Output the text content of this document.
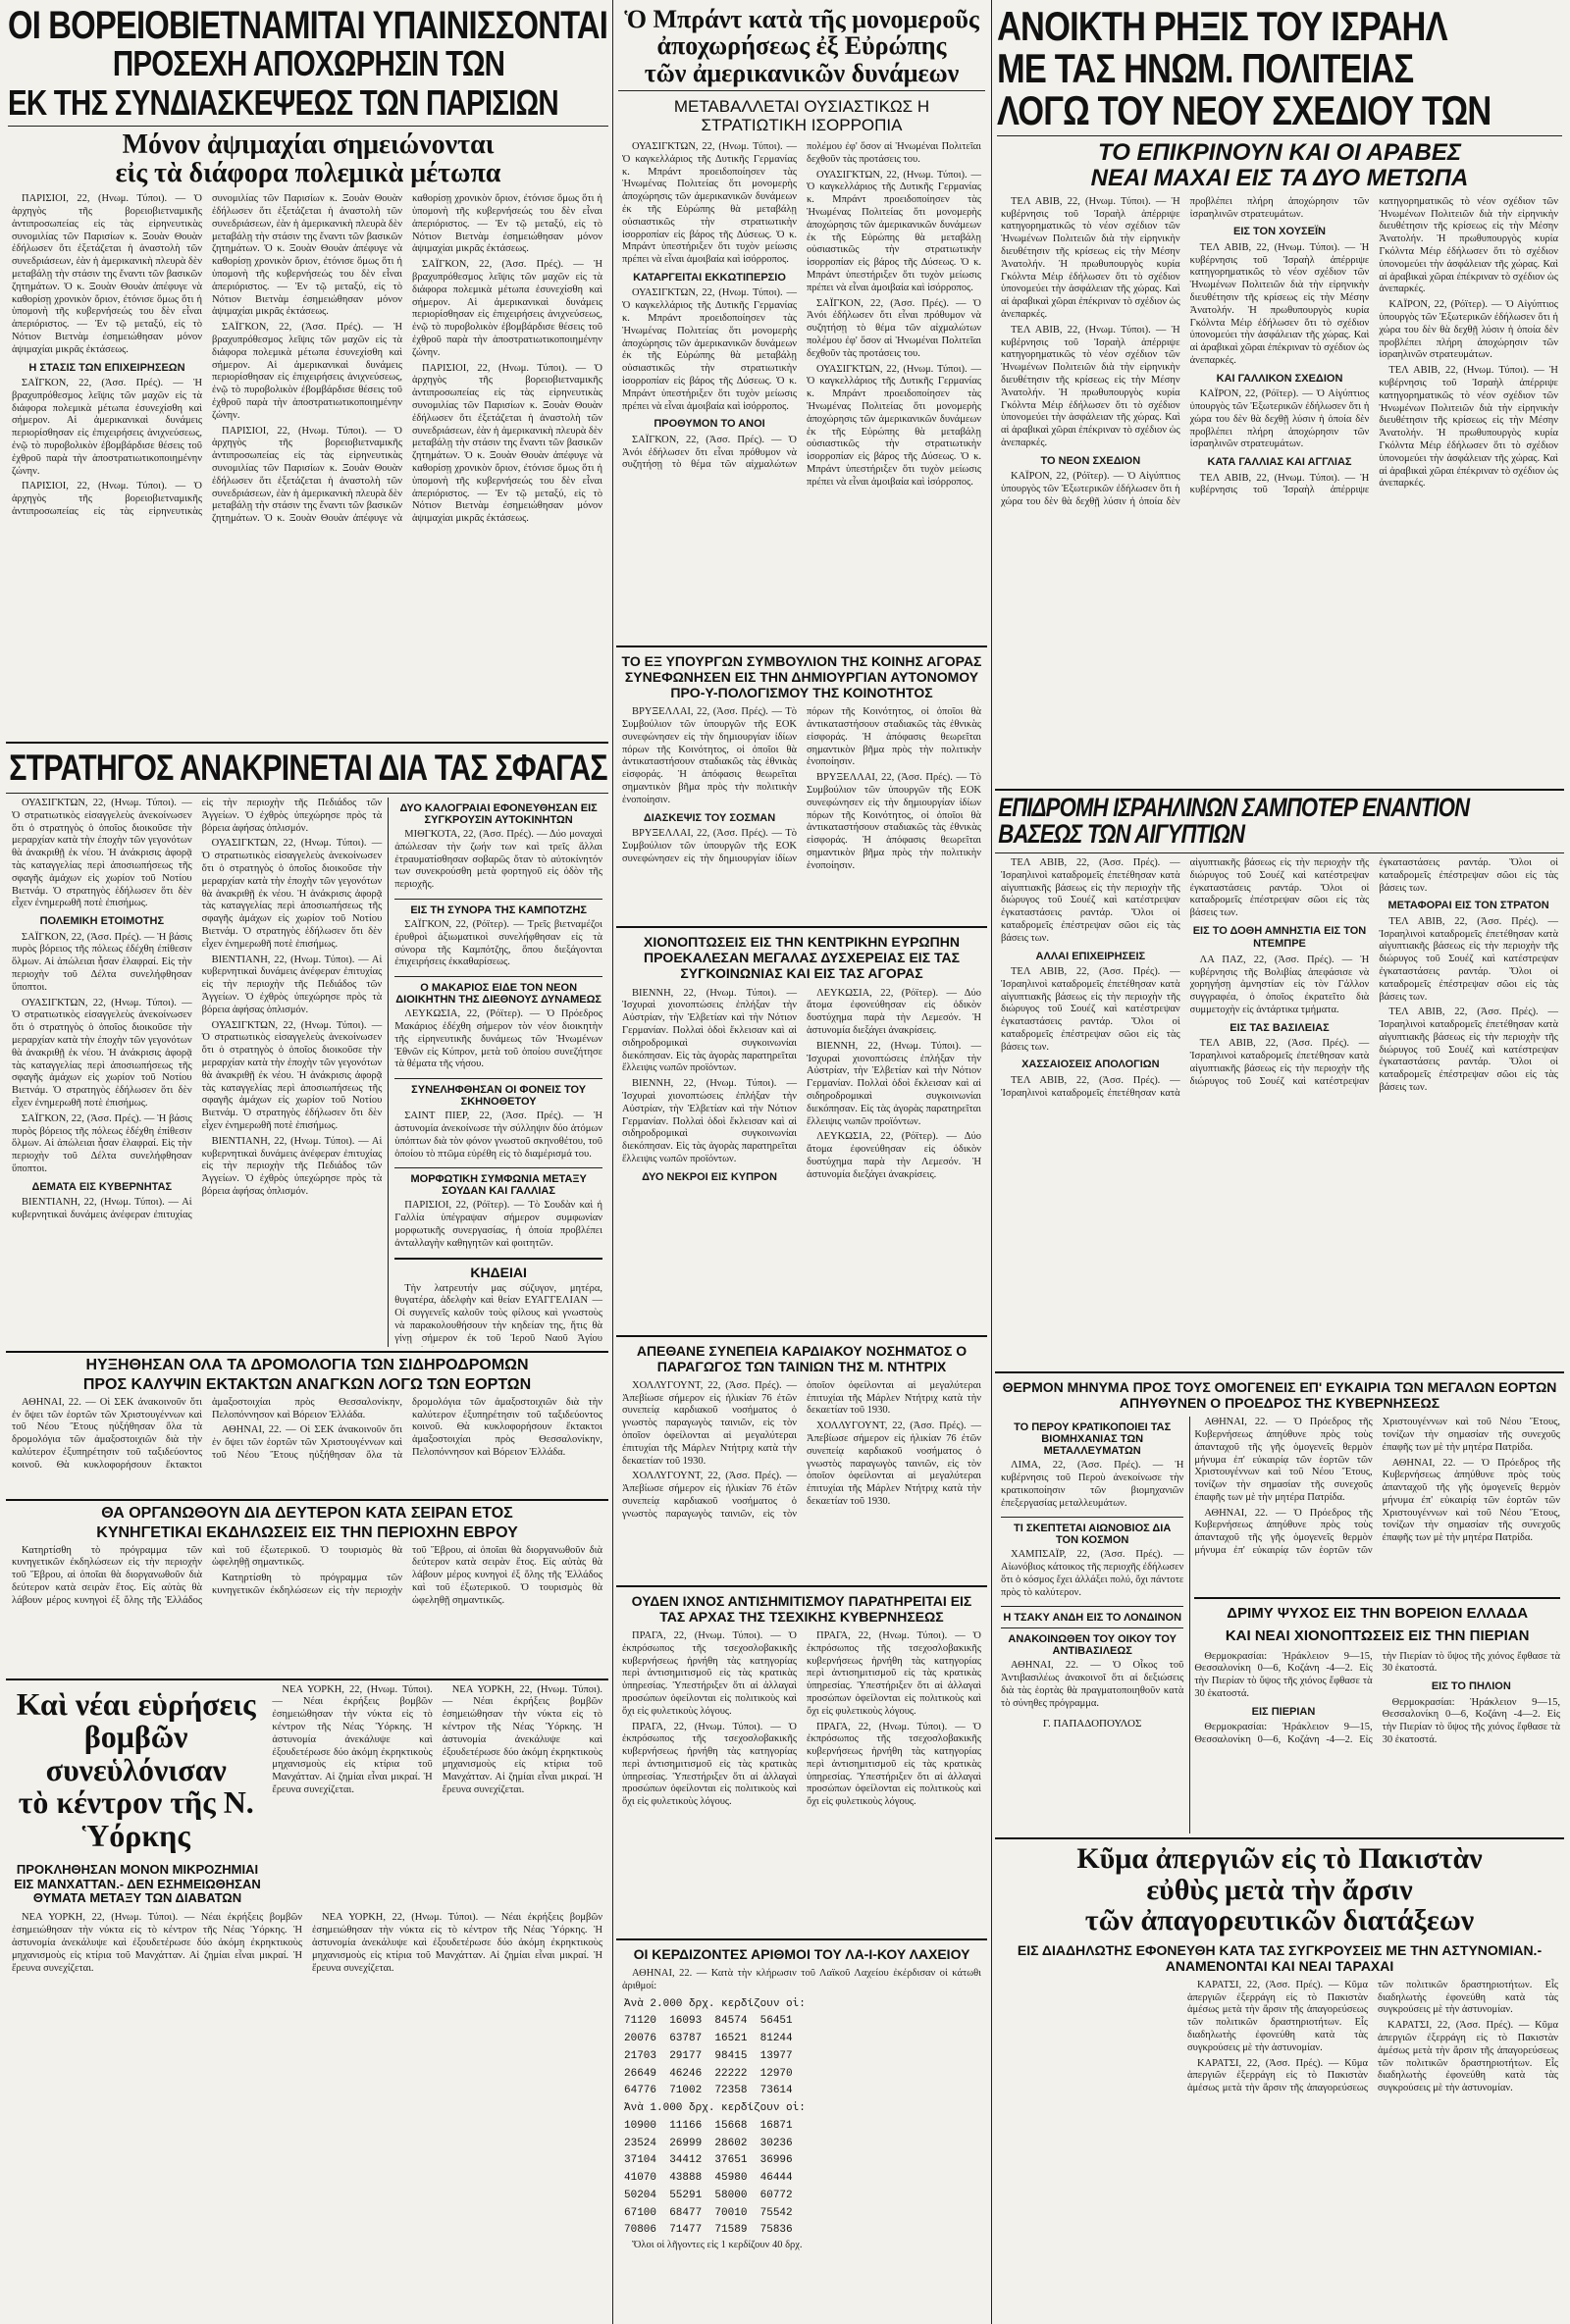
ΟΙ ΒΟΡΕΙΟΒΙΕΤΝΑΜΙΤΑΙ ΥΠΑΙΝΙΣΣΟΝΤΑΙ
ΠΡΟΣΕΧΗ ΑΠΟΧΩΡΗΣΙΝ ΤΩΝ
ΕΚ ΤΗΣ ΣΥΝΔΙΑΣΚΕΨΕΩΣ ΤΩΝ ΠΑΡΙΣΙΩΝ
Μόνον ἀψιμαχίαι σημειώνονται
εἰς τὰ διάφορα πολεμικὰ μέτωπα

ΠΑΡΙΣΙΟΙ, 22, (Ηνωμ. Τύποι). — Ὁ ἀρχηγὸς τῆς βορειοβιετναμικῆς ἀντιπροσωπείας εἰς τὰς εἰρηνευτικὰς συνομιλίας τῶν Παρισίων κ. Ξουὰν Θουὰν ἐδήλωσεν ὅτι ἐξετάζεται ἡ ἀναστολὴ τῶν συνεδριάσεων, ἐὰν ἡ ἀμερικανικὴ πλευρὰ δὲν μεταβάλῃ τὴν στάσιν της ἔναντι τῶν βασικῶν ζητημάτων. Ὁ κ. Ξουὰν Θουὰν ἀπέφυγε νὰ καθορίσῃ χρονικὸν ὅριον, ἐτόνισε ὅμως ὅτι ἡ ὑπομονὴ τῆς κυβερνήσεώς του δὲν εἶναι ἀπεριόριστος. — Ἐν τῷ μεταξύ, εἰς τὸ Νότιον Βιετνὰμ ἐσημειώθησαν μόνον ἀψιμαχίαι μικρᾶς ἐκτάσεως.

Η ΣΤΑΣΙΣ ΤΩΝ ΕΠΙΧΕΙΡΗΣΕΩΝ

ΣΑΪΓΚΟΝ, 22, (Ἀσσ. Πρές). — Ἡ βραχυπρόθεσμος λεῖψις τῶν μαχῶν εἰς τὰ διάφορα πολεμικὰ μέτωπα ἐσυνεχίσθη καὶ σήμερον. Αἱ ἀμερικανικαὶ δυνάμεις περιορίσθησαν εἰς ἐπιχειρήσεις ἀνιχνεύσεως, ἐνῷ τὸ πυροβολικὸν ἐβομβάρδισε θέσεις τοῦ ἐχθροῦ παρὰ τὴν ἀποστρατιωτικοποιημένην ζώνην.

ΠΑΡΙΣΙΟΙ, 22, (Ηνωμ. Τύποι). — Ὁ ἀρχηγὸς τῆς βορειοβιετναμικῆς ἀντιπροσωπείας εἰς τὰς εἰρηνευτικὰς συνομιλίας τῶν Παρισίων κ. Ξουὰν Θουὰν ἐδήλωσεν ὅτι ἐξετάζεται ἡ ἀναστολὴ τῶν συνεδριάσεων, ἐὰν ἡ ἀμερικανικὴ πλευρὰ δὲν μεταβάλῃ τὴν στάσιν της ἔναντι τῶν βασικῶν ζητημάτων. Ὁ κ. Ξουὰν Θουὰν ἀπέφυγε νὰ καθορίσῃ χρονικὸν ὅριον, ἐτόνισε ὅμως ὅτι ἡ ὑπομονὴ τῆς κυβερνήσεώς του δὲν εἶναι ἀπεριόριστος. — Ἐν τῷ μεταξύ, εἰς τὸ Νότιον Βιετνὰμ ἐσημειώθησαν μόνον ἀψιμαχίαι μικρᾶς ἐκτάσεως.

ΣΑΪΓΚΟΝ, 22, (Ἀσσ. Πρές). — Ἡ βραχυπρόθεσμος λεῖψις τῶν μαχῶν εἰς τὰ διάφορα πολεμικὰ μέτωπα ἐσυνεχίσθη καὶ σήμερον. Αἱ ἀμερικανικαὶ δυνάμεις περιορίσθησαν εἰς ἐπιχειρήσεις ἀνιχνεύσεως, ἐνῷ τὸ πυροβολικὸν ἐβομβάρδισε θέσεις τοῦ ἐχθροῦ παρὰ τὴν ἀποστρατιωτικοποιημένην ζώνην.

ΠΑΡΙΣΙΟΙ, 22, (Ηνωμ. Τύποι). — Ὁ ἀρχηγὸς τῆς βορειοβιετναμικῆς ἀντιπροσωπείας εἰς τὰς εἰρηνευτικὰς συνομιλίας τῶν Παρισίων κ. Ξουὰν Θουὰν ἐδήλωσεν ὅτι ἐξετάζεται ἡ ἀναστολὴ τῶν συνεδριάσεων, ἐὰν ἡ ἀμερικανικὴ πλευρὰ δὲν μεταβάλῃ τὴν στάσιν της ἔναντι τῶν βασικῶν ζητημάτων. Ὁ κ. Ξουὰν Θουὰν ἀπέφυγε νὰ καθορίσῃ χρονικὸν ὅριον, ἐτόνισε ὅμως ὅτι ἡ ὑπομονὴ τῆς κυβερνήσεώς του δὲν εἶναι ἀπεριόριστος. — Ἐν τῷ μεταξύ, εἰς τὸ Νότιον Βιετνὰμ ἐσημειώθησαν μόνον ἀψιμαχίαι μικρᾶς ἐκτάσεως.

ΣΑΪΓΚΟΝ, 22, (Ἀσσ. Πρές). — Ἡ βραχυπρόθεσμος λεῖψις τῶν μαχῶν εἰς τὰ διάφορα πολεμικὰ μέτωπα ἐσυνεχίσθη καὶ σήμερον. Αἱ ἀμερικανικαὶ δυνάμεις περιορίσθησαν εἰς ἐπιχειρήσεις ἀνιχνεύσεως, ἐνῷ τὸ πυροβολικὸν ἐβομβάρδισε θέσεις τοῦ ἐχθροῦ παρὰ τὴν ἀποστρατιωτικοποιημένην ζώνην.

ΠΑΡΙΣΙΟΙ, 22, (Ηνωμ. Τύποι). — Ὁ ἀρχηγὸς τῆς βορειοβιετναμικῆς ἀντιπροσωπείας εἰς τὰς εἰρηνευτικὰς συνομιλίας τῶν Παρισίων κ. Ξουὰν Θουὰν ἐδήλωσεν ὅτι ἐξετάζεται ἡ ἀναστολὴ τῶν συνεδριάσεων, ἐὰν ἡ ἀμερικανικὴ πλευρὰ δὲν μεταβάλῃ τὴν στάσιν της ἔναντι τῶν βασικῶν ζητημάτων. Ὁ κ. Ξουὰν Θουὰν ἀπέφυγε νὰ καθορίσῃ χρονικὸν ὅριον, ἐτόνισε ὅμως ὅτι ἡ ὑπομονὴ τῆς κυβερνήσεώς του δὲν εἶναι ἀπεριόριστος. — Ἐν τῷ μεταξύ, εἰς τὸ Νότιον Βιετνὰμ ἐσημειώθησαν μόνον ἀψιμαχίαι μικρᾶς ἐκτάσεως.

ΣΤΡΑΤΗΓΟΣ ΑΝΑΚΡΙΝΕΤΑΙ ΔΙΑ ΤΑΣ ΣΦΑΓΑΣ

ΟΥΑΣΙΓΚΤΩΝ, 22, (Ηνωμ. Τύποι). — Ὁ στρατιωτικὸς εἰσαγγελεὺς ἀνεκοίνωσεν ὅτι ὁ στρατηγὸς ὁ ὁποῖος διοικοῦσε τὴν μεραρχίαν κατὰ τὴν ἐποχὴν τῶν γεγονότων θὰ ἀνακριθῇ ἐκ νέου. Ἡ ἀνάκρισις ἀφορᾷ τὰς καταγγελίας περὶ ἀποσιωπήσεως τῆς σφαγῆς ἀμάχων εἰς χωρίον τοῦ Νοτίου Βιετνάμ. Ὁ στρατηγὸς ἐδήλωσεν ὅτι δὲν εἶχεν ἐνημερωθῆ ποτὲ ἐπισήμως.

ΠΟΛΕΜΙΚΗ ΕΤΟΙΜΟΤΗΣ

ΣΑΪΓΚΟΝ, 22, (Ἀσσ. Πρές). — Ἡ βάσις πυρὸς βόρειος τῆς πόλεως ἐδέχθη ἐπίθεσιν ὅλμων. Αἱ ἀπώλειαι ἦσαν ἐλαφραί. Εἰς τὴν περιοχὴν τοῦ Δέλτα συνελήφθησαν ὕποπτοι.

ΟΥΑΣΙΓΚΤΩΝ, 22, (Ηνωμ. Τύποι). — Ὁ στρατιωτικὸς εἰσαγγελεὺς ἀνεκοίνωσεν ὅτι ὁ στρατηγὸς ὁ ὁποῖος διοικοῦσε τὴν μεραρχίαν κατὰ τὴν ἐποχὴν τῶν γεγονότων θὰ ἀνακριθῇ ἐκ νέου. Ἡ ἀνάκρισις ἀφορᾷ τὰς καταγγελίας περὶ ἀποσιωπήσεως τῆς σφαγῆς ἀμάχων εἰς χωρίον τοῦ Νοτίου Βιετνάμ. Ὁ στρατηγὸς ἐδήλωσεν ὅτι δὲν εἶχεν ἐνημερωθῆ ποτὲ ἐπισήμως.

ΣΑΪΓΚΟΝ, 22, (Ἀσσ. Πρές). — Ἡ βάσις πυρὸς βόρειος τῆς πόλεως ἐδέχθη ἐπίθεσιν ὅλμων. Αἱ ἀπώλειαι ἦσαν ἐλαφραί. Εἰς τὴν περιοχὴν τοῦ Δέλτα συνελήφθησαν ὕποπτοι.

ΔΕΜΑΤΑ ΕΙΣ ΚΥΒΕΡΝΗΤΑΣ

ΒΙΕΝΤΙΑΝΗ, 22, (Ηνωμ. Τύποι). — Αἱ κυβερνητικαὶ δυνάμεις ἀνέφεραν ἐπιτυχίας εἰς τὴν περιοχὴν τῆς Πεδιάδος τῶν Ἀγγείων. Ὁ ἐχθρὸς ὑπεχώρησε πρὸς τὰ βόρεια ἀφήσας ὀπλισμόν.

ΟΥΑΣΙΓΚΤΩΝ, 22, (Ηνωμ. Τύποι). — Ὁ στρατιωτικὸς εἰσαγγελεὺς ἀνεκοίνωσεν ὅτι ὁ στρατηγὸς ὁ ὁποῖος διοικοῦσε τὴν μεραρχίαν κατὰ τὴν ἐποχὴν τῶν γεγονότων θὰ ἀνακριθῇ ἐκ νέου. Ἡ ἀνάκρισις ἀφορᾷ τὰς καταγγελίας περὶ ἀποσιωπήσεως τῆς σφαγῆς ἀμάχων εἰς χωρίον τοῦ Νοτίου Βιετνάμ. Ὁ στρατηγὸς ἐδήλωσεν ὅτι δὲν εἶχεν ἐνημερωθῆ ποτὲ ἐπισήμως.

ΒΙΕΝΤΙΑΝΗ, 22, (Ηνωμ. Τύποι). — Αἱ κυβερνητικαὶ δυνάμεις ἀνέφεραν ἐπιτυχίας εἰς τὴν περιοχὴν τῆς Πεδιάδος τῶν Ἀγγείων. Ὁ ἐχθρὸς ὑπεχώρησε πρὸς τὰ βόρεια ἀφήσας ὀπλισμόν.

ΟΥΑΣΙΓΚΤΩΝ, 22, (Ηνωμ. Τύποι). — Ὁ στρατιωτικὸς εἰσαγγελεὺς ἀνεκοίνωσεν ὅτι ὁ στρατηγὸς ὁ ὁποῖος διοικοῦσε τὴν μεραρχίαν κατὰ τὴν ἐποχὴν τῶν γεγονότων θὰ ἀνακριθῇ ἐκ νέου. Ἡ ἀνάκρισις ἀφορᾷ τὰς καταγγελίας περὶ ἀποσιωπήσεως τῆς σφαγῆς ἀμάχων εἰς χωρίον τοῦ Νοτίου Βιετνάμ. Ὁ στρατηγὸς ἐδήλωσεν ὅτι δὲν εἶχεν ἐνημερωθῆ ποτὲ ἐπισήμως.

ΒΙΕΝΤΙΑΝΗ, 22, (Ηνωμ. Τύποι). — Αἱ κυβερνητικαὶ δυνάμεις ἀνέφεραν ἐπιτυχίας εἰς τὴν περιοχὴν τῆς Πεδιάδος τῶν Ἀγγείων. Ὁ ἐχθρὸς ὑπεχώρησε πρὸς τὰ βόρεια ἀφήσας ὀπλισμόν.

ΔΥΟ ΚΑΛΟΓΡΑΙΑΙ ΕΦΟΝΕΥΘΗΣΑΝ ΕΙΣ ΣΥΓΚΡΟΥΣΙΝ ΑΥΤΟΚΙΝΗΤΩΝ

ΜΙΘΓΚΟΤΑ, 22, (Ἀσσ. Πρές). — Δύο μοναχαὶ ἀπώλεσαν τὴν ζωήν των καὶ τρεῖς ἄλλαι ἐτραυματίσθησαν σοβαρῶς ὅταν τὸ αὐτοκίνητόν των συνεκρούσθη μετὰ φορτηγοῦ εἰς ὁδὸν τῆς περιοχῆς.

ΕΙΣ ΤΗ ΣΥΝΟΡΑ ΤΗΣ ΚΑΜΠΟΤΖΗΣ

ΣΑΪΓΚΟΝ, 22, (Ρόϊτερ). — Τρεῖς βιετναμέζοι ἐρυθροὶ ἀξιωματικοὶ συνελήφθησαν εἰς τὰ σύνορα τῆς Καμπότζης, ὅπου διεξάγονται ἐπιχειρήσεις ἐκκαθαρίσεως.

Ο ΜΑΚΑΡΙΟΣ ΕΙΔΕ ΤΟΝ ΝΕΟΝ ΔΙΟΙΚΗΤΗΝ ΤΗΣ ΔΙΕΘΝΟΥΣ ΔΥΝΑΜΕΩΣ

ΛΕΥΚΩΣΙΑ, 22, (Ρόϊτερ). — Ὁ Πρόεδρος Μακάριος ἐδέχθη σήμερον τὸν νέον διοικητὴν τῆς εἰρηνευτικῆς δυνάμεως τῶν Ἡνωμένων Ἐθνῶν εἰς Κύπρον, μετὰ τοῦ ὁποίου συνεζήτησε τὰ θέματα τῆς νήσου.

ΣΥΝΕΛΗΦΘΗΣΑΝ ΟΙ ΦΟΝΕΙΣ ΤΟΥ ΣΚΗΝΟΘΕΤΟΥ

ΣΑΙΝΤ ΠΙΕΡ, 22, (Ἀσσ. Πρές). — Ἡ ἀστυνομία ἀνεκοίνωσε τὴν σύλληψιν δύο ἀτόμων ὑπόπτων διὰ τὸν φόνον γνωστοῦ σκηνοθέτου, τοῦ ὁποίου τὸ πτῶμα εὑρέθη εἰς τὸ διαμέρισμά του.

ΜΟΡΦΩΤΙΚΗ ΣΥΜΦΩΝΙΑ ΜΕΤΑΞΥ ΣΟΥΔΑΝ ΚΑΙ ΓΑΛΛΙΑΣ

ΠΑΡΙΣΙΟΙ, 22, (Ρόϊτερ). — Τὸ Σουδὰν καὶ ἡ Γαλλία ὑπέγραψαν σήμερον συμφωνίαν μορφωτικῆς συνεργασίας, ἡ ὁποία προβλέπει ἀνταλλαγὴν καθηγητῶν καὶ φοιτητῶν.

ΚΗΔΕΙΑΙ

Τὴν λατρευτήν μας σύζυγον, μητέρα, θυγατέρα, ἀδελφὴν καὶ θείαν ΕΥΑΓΓΕΛΙΑΝ — Οἱ συγγενεῖς καλοῦν τοὺς φίλους καὶ γνωστοὺς νὰ παρακολουθήσουν τὴν κηδείαν της, ἥτις θὰ γίνῃ σήμερον ἐκ τοῦ Ἱεροῦ Ναοῦ Ἁγίου

ΗΥΞΗΘΗΣΑΝ ΟΛΑ ΤΑ ΔΡΟΜΟΛΟΓΙΑ ΤΩΝ ΣΙΔΗΡΟΔΡΟΜΩΝ
ΠΡΟΣ ΚΑΛΥΨΙΝ ΕΚΤΑΚΤΩΝ ΑΝΑΓΚΩΝ ΛΟΓΩ ΤΩΝ ΕΟΡΤΩΝ

ΑΘΗΝΑΙ, 22. — Οἱ ΣΕΚ ἀνακοινοῦν ὅτι ἐν ὄψει τῶν ἑορτῶν τῶν Χριστουγέννων καὶ τοῦ Νέου Ἔτους ηὐξήθησαν ὅλα τὰ δρομολόγια τῶν ἀμαξοστοιχιῶν διὰ τὴν καλύτερον ἐξυπηρέτησιν τοῦ ταξιδεύοντος κοινοῦ. Θὰ κυκλοφορήσουν ἔκτακτοι ἀμαξοστοιχίαι πρὸς Θεσσαλονίκην, Πελοπόννησον καὶ Βόρειον Ἑλλάδα.

ΑΘΗΝΑΙ, 22. — Οἱ ΣΕΚ ἀνακοινοῦν ὅτι ἐν ὄψει τῶν ἑορτῶν τῶν Χριστουγέννων καὶ τοῦ Νέου Ἔτους ηὐξήθησαν ὅλα τὰ δρομολόγια τῶν ἀμαξοστοιχιῶν διὰ τὴν καλύτερον ἐξυπηρέτησιν τοῦ ταξιδεύοντος κοινοῦ. Θὰ κυκλοφορήσουν ἔκτακτοι ἀμαξοστοιχίαι πρὸς Θεσσαλονίκην, Πελοπόννησον καὶ Βόρειον Ἑλλάδα.

ΘΑ ΟΡΓΑΝΩΘΟΥΝ ΔΙΑ ΔΕΥΤΕΡΟΝ ΚΑΤΑ ΣΕΙΡΑΝ ΕΤΟΣ
ΚΥΝΗΓΕΤΙΚΑΙ ΕΚΔΗΛΩΣΕΙΣ ΕΙΣ ΤΗΝ ΠΕΡΙΟΧΗΝ ΕΒΡΟΥ

Κατηρτίσθη τὸ πρόγραμμα τῶν κυνηγετικῶν ἐκδηλώσεων εἰς τὴν περιοχὴν τοῦ Ἕβρου, αἱ ὁποῖαι θὰ διοργανωθοῦν διὰ δεύτερον κατὰ σειρὰν ἔτος. Εἰς αὐτὰς θὰ λάβουν μέρος κυνηγοὶ ἐξ ὅλης τῆς Ἑλλάδος καὶ τοῦ ἐξωτερικοῦ. Ὁ τουρισμὸς θὰ ὠφεληθῇ σημαντικῶς.

Κατηρτίσθη τὸ πρόγραμμα τῶν κυνηγετικῶν ἐκδηλώσεων εἰς τὴν περιοχὴν τοῦ Ἕβρου, αἱ ὁποῖαι θὰ διοργανωθοῦν διὰ δεύτερον κατὰ σειρὰν ἔτος. Εἰς αὐτὰς θὰ λάβουν μέρος κυνηγοὶ ἐξ ὅλης τῆς Ἑλλάδος καὶ τοῦ ἐξωτερικοῦ. Ὁ τουρισμὸς θὰ ὠφεληθῇ σημαντικῶς.

Καὶ νέαι εὑρήσεις βομβῶν
συνεὑλόνισαν
τὸ κέντρον τῆς Ν. Ὑόρκης

ΝΕΑ ΥΟΡΚΗ, 22, (Ηνωμ. Τύποι). — Νέαι ἐκρήξεις βομβῶν ἐσημειώθησαν τὴν νύκτα εἰς τὸ κέντρον τῆς Νέας Ὑόρκης. Ἡ ἀστυνομία ἀνεκάλυψε καὶ ἐξουδετέρωσε δύο ἀκόμη ἐκρηκτικοὺς μηχανισμοὺς εἰς κτίρια τοῦ Μανχάτταν. Αἱ ζημίαι εἶναι μικραί. Ἡ ἔρευνα συνεχίζεται.

ΝΕΑ ΥΟΡΚΗ, 22, (Ηνωμ. Τύποι). — Νέαι ἐκρήξεις βομβῶν ἐσημειώθησαν τὴν νύκτα εἰς τὸ κέντρον τῆς Νέας Ὑόρκης. Ἡ ἀστυνομία ἀνεκάλυψε καὶ ἐξουδετέρωσε δύο ἀκόμη ἐκρηκτικοὺς μηχανισμοὺς εἰς κτίρια τοῦ Μανχάτταν. Αἱ ζημίαι εἶναι μικραί. Ἡ ἔρευνα συνεχίζεται.

ΠΡΟΚΛΗΘΗΣΑΝ ΜΟΝΟΝ ΜΙΚΡΟΖΗΜΙΑΙ ΕΙΣ ΜΑΝΧΑΤΤΑΝ.- ΔΕΝ ΕΣΗΜΕΙΩΘΗΣΑΝ ΘΥΜΑΤΑ ΜΕΤΑΞΥ ΤΩΝ ΔΙΑΒΑΤΩΝ

ΝΕΑ ΥΟΡΚΗ, 22, (Ηνωμ. Τύποι). — Νέαι ἐκρήξεις βομβῶν ἐσημειώθησαν τὴν νύκτα εἰς τὸ κέντρον τῆς Νέας Ὑόρκης. Ἡ ἀστυνομία ἀνεκάλυψε καὶ ἐξουδετέρωσε δύο ἀκόμη ἐκρηκτικοὺς μηχανισμοὺς εἰς κτίρια τοῦ Μανχάτταν. Αἱ ζημίαι εἶναι μικραί. Ἡ ἔρευνα συνεχίζεται.

ΝΕΑ ΥΟΡΚΗ, 22, (Ηνωμ. Τύποι). — Νέαι ἐκρήξεις βομβῶν ἐσημειώθησαν τὴν νύκτα εἰς τὸ κέντρον τῆς Νέας Ὑόρκης. Ἡ ἀστυνομία ἀνεκάλυψε καὶ ἐξουδετέρωσε δύο ἀκόμη ἐκρηκτικοὺς μηχανισμοὺς εἰς κτίρια τοῦ Μανχάτταν. Αἱ ζημίαι εἶναι μικραί. Ἡ ἔρευνα συνεχίζεται.

Ὁ Μπράντ κατὰ τῆς μονομεροῦς
ἀποχωρήσεως ἐξ Εὐρώπης
τῶν ἀμερικανικῶν δυνάμεων
ΜΕΤΑΒΑΛΛΕΤΑΙ ΟΥΣΙΑΣΤΙΚΩΣ Η ΣΤΡΑΤΙΩΤΙΚΗ ΙΣΟΡΡΟΠΙΑ

ΟΥΑΣΙΓΚΤΩΝ, 22, (Ηνωμ. Τύποι). — Ὁ καγκελλάριος τῆς Δυτικῆς Γερμανίας κ. Μπράντ προειδοποίησεν τὰς Ἡνωμένας Πολιτείας ὅτι μονομερὴς ἀποχώρησις τῶν ἀμερικανικῶν δυνάμεων ἐκ τῆς Εὐρώπης θὰ μεταβάλῃ οὐσιαστικῶς τὴν στρατιωτικὴν ἰσορροπίαν εἰς βάρος τῆς Δύσεως. Ὁ κ. Μπράντ ὑπεστήριξεν ὅτι τυχὸν μείωσις πρέπει νὰ εἶναι ἀμοιβαία καὶ ἰσόρροπος.

ΚΑΤΑΡΓΕΙΤΑΙ ΕΚΚΩΤΙΠΕΡΣΙΟ

ΟΥΑΣΙΓΚΤΩΝ, 22, (Ηνωμ. Τύποι). — Ὁ καγκελλάριος τῆς Δυτικῆς Γερμανίας κ. Μπράντ προειδοποίησεν τὰς Ἡνωμένας Πολιτείας ὅτι μονομερὴς ἀποχώρησις τῶν ἀμερικανικῶν δυνάμεων ἐκ τῆς Εὐρώπης θὰ μεταβάλῃ οὐσιαστικῶς τὴν στρατιωτικὴν ἰσορροπίαν εἰς βάρος τῆς Δύσεως. Ὁ κ. Μπράντ ὑπεστήριξεν ὅτι τυχὸν μείωσις πρέπει νὰ εἶναι ἀμοιβαία καὶ ἰσόρροπος.

ΠΡΟΘΥΜΟΝ ΤΟ ΑΝΟΙ

ΣΑΪΓΚΟΝ, 22, (Ἀσσ. Πρές). — Ὁ Ἀνόι ἐδήλωσεν ὅτι εἶναι πρόθυμον νὰ συζητήσῃ τὸ θέμα τῶν αἰχμαλώτων πολέμου ἐφ' ὅσον αἱ Ἡνωμέναι Πολιτεῖαι δεχθοῦν τὰς προτάσεις του.

ΟΥΑΣΙΓΚΤΩΝ, 22, (Ηνωμ. Τύποι). — Ὁ καγκελλάριος τῆς Δυτικῆς Γερμανίας κ. Μπράντ προειδοποίησεν τὰς Ἡνωμένας Πολιτείας ὅτι μονομερὴς ἀποχώρησις τῶν ἀμερικανικῶν δυνάμεων ἐκ τῆς Εὐρώπης θὰ μεταβάλῃ οὐσιαστικῶς τὴν στρατιωτικὴν ἰσορροπίαν εἰς βάρος τῆς Δύσεως. Ὁ κ. Μπράντ ὑπεστήριξεν ὅτι τυχὸν μείωσις πρέπει νὰ εἶναι ἀμοιβαία καὶ ἰσόρροπος.

ΣΑΪΓΚΟΝ, 22, (Ἀσσ. Πρές). — Ὁ Ἀνόι ἐδήλωσεν ὅτι εἶναι πρόθυμον νὰ συζητήσῃ τὸ θέμα τῶν αἰχμαλώτων πολέμου ἐφ' ὅσον αἱ Ἡνωμέναι Πολιτεῖαι δεχθοῦν τὰς προτάσεις του.

ΟΥΑΣΙΓΚΤΩΝ, 22, (Ηνωμ. Τύποι). — Ὁ καγκελλάριος τῆς Δυτικῆς Γερμανίας κ. Μπράντ προειδοποίησεν τὰς Ἡνωμένας Πολιτείας ὅτι μονομερὴς ἀποχώρησις τῶν ἀμερικανικῶν δυνάμεων ἐκ τῆς Εὐρώπης θὰ μεταβάλῃ οὐσιαστικῶς τὴν στρατιωτικὴν ἰσορροπίαν εἰς βάρος τῆς Δύσεως. Ὁ κ. Μπράντ ὑπεστήριξεν ὅτι τυχὸν μείωσις πρέπει νὰ εἶναι ἀμοιβαία καὶ ἰσόρροπος.

ΤΟ ΕΞ ΥΠΟΥΡΓΩΝ ΣΥΜΒΟΥΛΙΟΝ ΤΗΣ ΚΟΙΝΗΣ ΑΓΟΡΑΣ ΣΥΝΕΦΩΝΗΣΕΝ ΕΙΣ ΤΗΝ ΔΗΜΙΟΥΡΓΙΑΝ ΑΥΤΟΝΟΜΟΥ ΠΡΟ-Υ-ΠΟΛΟΓΙΣΜΟΥ ΤΗΣ ΚΟΙΝΟΤΗΤΟΣ

ΒΡΥΞΕΛΛΑΙ, 22, (Ἀσσ. Πρές). — Τὸ Συμβούλιον τῶν ὑπουργῶν τῆς ΕΟΚ συνεφώνησεν εἰς τὴν δημιουργίαν ἰδίων πόρων τῆς Κοινότητος, οἱ ὁποῖοι θὰ ἀντικαταστήσουν σταδιακῶς τὰς ἐθνικὰς εἰσφοράς. Ἡ ἀπόφασις θεωρεῖται σημαντικὸν βῆμα πρὸς τὴν πολιτικὴν ἑνοποίησιν.

ΔΙΑΣΚΕΨΙΣ ΤΟΥ ΣΟΣΜΑΝ

ΒΡΥΞΕΛΛΑΙ, 22, (Ἀσσ. Πρές). — Τὸ Συμβούλιον τῶν ὑπουργῶν τῆς ΕΟΚ συνεφώνησεν εἰς τὴν δημιουργίαν ἰδίων πόρων τῆς Κοινότητος, οἱ ὁποῖοι θὰ ἀντικαταστήσουν σταδιακῶς τὰς ἐθνικὰς εἰσφοράς. Ἡ ἀπόφασις θεωρεῖται σημαντικὸν βῆμα πρὸς τὴν πολιτικὴν ἑνοποίησιν.

ΒΡΥΞΕΛΛΑΙ, 22, (Ἀσσ. Πρές). — Τὸ Συμβούλιον τῶν ὑπουργῶν τῆς ΕΟΚ συνεφώνησεν εἰς τὴν δημιουργίαν ἰδίων πόρων τῆς Κοινότητος, οἱ ὁποῖοι θὰ ἀντικαταστήσουν σταδιακῶς τὰς ἐθνικὰς εἰσφοράς. Ἡ ἀπόφασις θεωρεῖται σημαντικὸν βῆμα πρὸς τὴν πολιτικὴν ἑνοποίησιν.

ΧΙΟΝΟΠΤΩΣΕΙΣ ΕΙΣ ΤΗΝ ΚΕΝΤΡΙΚΗΝ ΕΥΡΩΠΗΝ ΠΡΟΕΚΑΛΕΣΑΝ ΜΕΓΑΛΑΣ ΔΥΣΧΕΡΕΙΑΣ ΕΙΣ ΤΑΣ ΣΥΓΚΟΙΝΩΝΙΑΣ ΚΑΙ ΕΙΣ ΤΑΣ ΑΓΟΡΑΣ

ΒΙΕΝΝΗ, 22, (Ηνωμ. Τύποι). — Ἰσχυραὶ χιονοπτώσεις ἐπλήξαν τὴν Αὐστρίαν, τὴν Ἑλβετίαν καὶ τὴν Νότιον Γερμανίαν. Πολλαὶ ὁδοὶ ἔκλεισαν καὶ αἱ σιδηροδρομικαὶ συγκοινωνίαι διεκόπησαν. Εἰς τὰς ἀγορὰς παρατηρεῖται ἔλλειψις νωπῶν προϊόντων.

ΒΙΕΝΝΗ, 22, (Ηνωμ. Τύποι). — Ἰσχυραὶ χιονοπτώσεις ἐπλήξαν τὴν Αὐστρίαν, τὴν Ἑλβετίαν καὶ τὴν Νότιον Γερμανίαν. Πολλαὶ ὁδοὶ ἔκλεισαν καὶ αἱ σιδηροδρομικαὶ συγκοινωνίαι διεκόπησαν. Εἰς τὰς ἀγορὰς παρατηρεῖται ἔλλειψις νωπῶν προϊόντων.

ΔΥΟ ΝΕΚΡΟΙ ΕΙΣ ΚΥΠΡΟΝ

ΛΕΥΚΩΣΙΑ, 22, (Ρόϊτερ). — Δύο ἄτομα ἐφονεύθησαν εἰς ὁδικὸν δυστύχημα παρὰ τὴν Λεμεσόν. Ἡ ἀστυνομία διεξάγει ἀνακρίσεις.

ΒΙΕΝΝΗ, 22, (Ηνωμ. Τύποι). — Ἰσχυραὶ χιονοπτώσεις ἐπλήξαν τὴν Αὐστρίαν, τὴν Ἑλβετίαν καὶ τὴν Νότιον Γερμανίαν. Πολλαὶ ὁδοὶ ἔκλεισαν καὶ αἱ σιδηροδρομικαὶ συγκοινωνίαι διεκόπησαν. Εἰς τὰς ἀγορὰς παρατηρεῖται ἔλλειψις νωπῶν προϊόντων.

ΛΕΥΚΩΣΙΑ, 22, (Ρόϊτερ). — Δύο ἄτομα ἐφονεύθησαν εἰς ὁδικὸν δυστύχημα παρὰ τὴν Λεμεσόν. Ἡ ἀστυνομία διεξάγει ἀνακρίσεις.

ΑΠΕΘΑΝΕ ΣΥΝΕΠΕΙΑ ΚΑΡΔΙΑΚΟΥ ΝΟΣΗΜΑΤΟΣ Ο ΠΑΡΑΓΩΓΟΣ ΤΩΝ ΤΑΙΝΙΩΝ ΤΗΣ Μ. ΝΤΗΤΡΙΧ

ΧΟΛΛΥΓΟΥΝΤ, 22, (Ἀσσ. Πρές). — Ἀπεβίωσε σήμερον εἰς ἡλικίαν 76 ἐτῶν συνεπείᾳ καρδιακοῦ νοσήματος ὁ γνωστὸς παραγωγὸς ταινιῶν, εἰς τὸν ὁποῖον ὀφείλονται αἱ μεγαλύτεραι ἐπιτυχίαι τῆς Μάρλεν Ντήτριχ κατὰ τὴν δεκαετίαν τοῦ 1930.

ΧΟΛΛΥΓΟΥΝΤ, 22, (Ἀσσ. Πρές). — Ἀπεβίωσε σήμερον εἰς ἡλικίαν 76 ἐτῶν συνεπείᾳ καρδιακοῦ νοσήματος ὁ γνωστὸς παραγωγὸς ταινιῶν, εἰς τὸν ὁποῖον ὀφείλονται αἱ μεγαλύτεραι ἐπιτυχίαι τῆς Μάρλεν Ντήτριχ κατὰ τὴν δεκαετίαν τοῦ 1930.

ΧΟΛΛΥΓΟΥΝΤ, 22, (Ἀσσ. Πρές). — Ἀπεβίωσε σήμερον εἰς ἡλικίαν 76 ἐτῶν συνεπείᾳ καρδιακοῦ νοσήματος ὁ γνωστὸς παραγωγὸς ταινιῶν, εἰς τὸν ὁποῖον ὀφείλονται αἱ μεγαλύτεραι ἐπιτυχίαι τῆς Μάρλεν Ντήτριχ κατὰ τὴν δεκαετίαν τοῦ 1930.

ΟΥΔΕΝ ΙΧΝΟΣ ΑΝΤΙΣΗΜΙΤΙΣΜΟΥ ΠΑΡΑΤΗΡΕΙΤΑΙ ΕΙΣ ΤΑΣ ΑΡΧΑΣ ΤΗΣ ΤΣΕΧΙΚΗΣ ΚΥΒΕΡΝΗΣΕΩΣ

ΠΡΑΓΑ, 22, (Ηνωμ. Τύποι). — Ὁ ἐκπρόσωπος τῆς τσεχοσλοβακικῆς κυβερνήσεως ἠρνήθη τὰς κατηγορίας περὶ ἀντισημιτισμοῦ εἰς τὰς κρατικὰς ὑπηρεσίας. Ὑπεστήριξεν ὅτι αἱ ἀλλαγαὶ προσώπων ὀφείλονται εἰς πολιτικοὺς καὶ ὄχι εἰς φυλετικοὺς λόγους.

ΠΡΑΓΑ, 22, (Ηνωμ. Τύποι). — Ὁ ἐκπρόσωπος τῆς τσεχοσλοβακικῆς κυβερνήσεως ἠρνήθη τὰς κατηγορίας περὶ ἀντισημιτισμοῦ εἰς τὰς κρατικὰς ὑπηρεσίας. Ὑπεστήριξεν ὅτι αἱ ἀλλαγαὶ προσώπων ὀφείλονται εἰς πολιτικοὺς καὶ ὄχι εἰς φυλετικοὺς λόγους.

ΠΡΑΓΑ, 22, (Ηνωμ. Τύποι). — Ὁ ἐκπρόσωπος τῆς τσεχοσλοβακικῆς κυβερνήσεως ἠρνήθη τὰς κατηγορίας περὶ ἀντισημιτισμοῦ εἰς τὰς κρατικὰς ὑπηρεσίας. Ὑπεστήριξεν ὅτι αἱ ἀλλαγαὶ προσώπων ὀφείλονται εἰς πολιτικοὺς καὶ ὄχι εἰς φυλετικοὺς λόγους.

ΠΡΑΓΑ, 22, (Ηνωμ. Τύποι). — Ὁ ἐκπρόσωπος τῆς τσεχοσλοβακικῆς κυβερνήσεως ἠρνήθη τὰς κατηγορίας περὶ ἀντισημιτισμοῦ εἰς τὰς κρατικὰς ὑπηρεσίας. Ὑπεστήριξεν ὅτι αἱ ἀλλαγαὶ προσώπων ὀφείλονται εἰς πολιτικοὺς καὶ ὄχι εἰς φυλετικοὺς λόγους.

ΟΙ ΚΕΡΔΙΖΟΝΤΕΣ ΑΡΙΘΜΟΙ ΤΟΥ ΛΑ-Ι-ΚΟΥ ΛΑΧΕΙΟΥ

ΑΘΗΝΑΙ, 22. — Κατὰ τὴν κλήρωσιν τοῦ Λαϊκοῦ Λαχείου ἐκέρδισαν οἱ κάτωθι ἀριθμοί:

Ἀνὰ 2.000 δρχ. κερδίζουν οἱ:
71120  16093  84574  56451
20076  63787  16521  81244
21703  29177  98415  13977
26649  46246  22222  12970
64776  71002  72358  73614
Ἀνὰ 1.000 δρχ. κερδίζουν οἱ:
10900  11166  15668  16871
23524  26999  28602  30236
37104  34412  37651  36996
41070  43888  45980  46444
50204  55291  58000  60772
67100  68477  70010  75542
70806  71477  71589  75836

Ὅλοι οἱ λῆγοντες εἰς 1 κερδίζουν 40 δρχ.

ΑΝΟΙΚΤΗ ΡΗΞΙΣ ΤΟΥ ΙΣΡΑΗΛ
ΜΕ ΤΑΣ ΗΝΩΜ. ΠΟΛΙΤΕΙΑΣ
ΛΟΓΩ ΤΟΥ ΝΕΟΥ ΣΧΕΔΙΟΥ ΤΩΝ
ΤΟ ΕΠΙΚΡΙΝΟΥΝ ΚΑΙ ΟΙ ΑΡΑΒΕΣ
ΝΕΑΙ ΜΑΧΑΙ ΕΙΣ ΤΑ ΔΥΟ ΜΕΤΩΠΑ

ΤΕΛ ΑΒΙΒ, 22, (Ηνωμ. Τύποι). — Ἡ κυβέρνησις τοῦ Ἰσραὴλ ἀπέρριψε κατηγορηματικῶς τὸ νέον σχέδιον τῶν Ἡνωμένων Πολιτειῶν διὰ τὴν εἰρηνικὴν διευθέτησιν τῆς κρίσεως εἰς τὴν Μέσην Ἀνατολήν. Ἡ πρωθυπουργὸς κυρία Γκόλντα Μέιρ ἐδήλωσεν ὅτι τὸ σχέδιον ὑπονομεύει τὴν ἀσφάλειαν τῆς χώρας. Καὶ αἱ ἀραβικαὶ χῶραι ἐπέκριναν τὸ σχέδιον ὡς ἀνεπαρκές.

ΤΕΛ ΑΒΙΒ, 22, (Ηνωμ. Τύποι). — Ἡ κυβέρνησις τοῦ Ἰσραὴλ ἀπέρριψε κατηγορηματικῶς τὸ νέον σχέδιον τῶν Ἡνωμένων Πολιτειῶν διὰ τὴν εἰρηνικὴν διευθέτησιν τῆς κρίσεως εἰς τὴν Μέσην Ἀνατολήν. Ἡ πρωθυπουργὸς κυρία Γκόλντα Μέιρ ἐδήλωσεν ὅτι τὸ σχέδιον ὑπονομεύει τὴν ἀσφάλειαν τῆς χώρας. Καὶ αἱ ἀραβικαὶ χῶραι ἐπέκριναν τὸ σχέδιον ὡς ἀνεπαρκές.

ΤΟ ΝΕΟΝ ΣΧΕΔΙΟΝ

ΚΑΪΡΟΝ, 22, (Ρόϊτερ). — Ὁ Αἰγύπτιος ὑπουργὸς τῶν Ἐξωτερικῶν ἐδήλωσεν ὅτι ἡ χώρα του δὲν θὰ δεχθῇ λύσιν ἡ ὁποία δὲν προβλέπει πλήρη ἀποχώρησιν τῶν ἰσραηλινῶν στρατευμάτων.

ΕΙΣ ΤΟΝ ΧΟΥΣΕΪΝ

ΤΕΛ ΑΒΙΒ, 22, (Ηνωμ. Τύποι). — Ἡ κυβέρνησις τοῦ Ἰσραὴλ ἀπέρριψε κατηγορηματικῶς τὸ νέον σχέδιον τῶν Ἡνωμένων Πολιτειῶν διὰ τὴν εἰρηνικὴν διευθέτησιν τῆς κρίσεως εἰς τὴν Μέσην Ἀνατολήν. Ἡ πρωθυπουργὸς κυρία Γκόλντα Μέιρ ἐδήλωσεν ὅτι τὸ σχέδιον ὑπονομεύει τὴν ἀσφάλειαν τῆς χώρας. Καὶ αἱ ἀραβικαὶ χῶραι ἐπέκριναν τὸ σχέδιον ὡς ἀνεπαρκές.

ΚΑΙ ΓΑΛΛΙΚΟΝ ΣΧΕΔΙΟΝ

ΚΑΪΡΟΝ, 22, (Ρόϊτερ). — Ὁ Αἰγύπτιος ὑπουργὸς τῶν Ἐξωτερικῶν ἐδήλωσεν ὅτι ἡ χώρα του δὲν θὰ δεχθῇ λύσιν ἡ ὁποία δὲν προβλέπει πλήρη ἀποχώρησιν τῶν ἰσραηλινῶν στρατευμάτων.

ΚΑΤΑ ΓΑΛΛΙΑΣ ΚΑΙ ΑΓΓΛΙΑΣ

ΤΕΛ ΑΒΙΒ, 22, (Ηνωμ. Τύποι). — Ἡ κυβέρνησις τοῦ Ἰσραὴλ ἀπέρριψε κατηγορηματικῶς τὸ νέον σχέδιον τῶν Ἡνωμένων Πολιτειῶν διὰ τὴν εἰρηνικὴν διευθέτησιν τῆς κρίσεως εἰς τὴν Μέσην Ἀνατολήν. Ἡ πρωθυπουργὸς κυρία Γκόλντα Μέιρ ἐδήλωσεν ὅτι τὸ σχέδιον ὑπονομεύει τὴν ἀσφάλειαν τῆς χώρας. Καὶ αἱ ἀραβικαὶ χῶραι ἐπέκριναν τὸ σχέδιον ὡς ἀνεπαρκές.

ΚΑΪΡΟΝ, 22, (Ρόϊτερ). — Ὁ Αἰγύπτιος ὑπουργὸς τῶν Ἐξωτερικῶν ἐδήλωσεν ὅτι ἡ χώρα του δὲν θὰ δεχθῇ λύσιν ἡ ὁποία δὲν προβλέπει πλήρη ἀποχώρησιν τῶν ἰσραηλινῶν στρατευμάτων.

ΤΕΛ ΑΒΙΒ, 22, (Ηνωμ. Τύποι). — Ἡ κυβέρνησις τοῦ Ἰσραὴλ ἀπέρριψε κατηγορηματικῶς τὸ νέον σχέδιον τῶν Ἡνωμένων Πολιτειῶν διὰ τὴν εἰρηνικὴν διευθέτησιν τῆς κρίσεως εἰς τὴν Μέσην Ἀνατολήν. Ἡ πρωθυπουργὸς κυρία Γκόλντα Μέιρ ἐδήλωσεν ὅτι τὸ σχέδιον ὑπονομεύει τὴν ἀσφάλειαν τῆς χώρας. Καὶ αἱ ἀραβικαὶ χῶραι ἐπέκριναν τὸ σχέδιον ὡς ἀνεπαρκές.

ΕΠΙΔΡΟΜΗ ΙΣΡΑΗΛΙΝΩΝ ΣΑΜΠΟΤΕΡ ΕΝΑΝΤΙΟΝ ΒΑΣΕΩΣ ΤΩΝ ΑΙΓΥΠΤΙΩΝ

ΤΕΛ ΑΒΙΒ, 22, (Ἀσσ. Πρές). — Ἰσραηλινοὶ καταδρομεῖς ἐπετέθησαν κατὰ αἰγυπτιακῆς βάσεως εἰς τὴν περιοχὴν τῆς διώρυγος τοῦ Σουέζ καὶ κατέστρεψαν ἐγκαταστάσεις ραντάρ. Ὅλοι οἱ καταδρομεῖς ἐπέστρεψαν σῶοι εἰς τὰς βάσεις των.

ΑΛΛΑΙ ΕΠΙΧΕΙΡΗΣΕΙΣ

ΤΕΛ ΑΒΙΒ, 22, (Ἀσσ. Πρές). — Ἰσραηλινοὶ καταδρομεῖς ἐπετέθησαν κατὰ αἰγυπτιακῆς βάσεως εἰς τὴν περιοχὴν τῆς διώρυγος τοῦ Σουέζ καὶ κατέστρεψαν ἐγκαταστάσεις ραντάρ. Ὅλοι οἱ καταδρομεῖς ἐπέστρεψαν σῶοι εἰς τὰς βάσεις των.

ΧΑΣΣΑΙΟΣΕΙΣ ΑΠΟΛΟΓΙΩΝ

ΤΕΛ ΑΒΙΒ, 22, (Ἀσσ. Πρές). — Ἰσραηλινοὶ καταδρομεῖς ἐπετέθησαν κατὰ αἰγυπτιακῆς βάσεως εἰς τὴν περιοχὴν τῆς διώρυγος τοῦ Σουέζ καὶ κατέστρεψαν ἐγκαταστάσεις ραντάρ. Ὅλοι οἱ καταδρομεῖς ἐπέστρεψαν σῶοι εἰς τὰς βάσεις των.

ΕΙΣ ΤΟ ΔΟΘΗ ΑΜΝΗΣΤΙΑ ΕΙΣ ΤΟΝ ΝΤΕΜΠΡΕ

ΛΑ ΠΑΖ, 22, (Ἀσσ. Πρές). — Ἡ κυβέρνησις τῆς Βολιβίας ἀπεφάσισε νὰ χορηγήσῃ ἀμνηστίαν εἰς τὸν Γάλλον συγγραφέα, ὁ ὁποῖος ἐκρατεῖτο διὰ συμμετοχὴν εἰς ἀντάρτικα τμήματα.

ΕΙΣ ΤΑΣ ΒΑΣΙΛΕΙΑΣ

ΤΕΛ ΑΒΙΒ, 22, (Ἀσσ. Πρές). — Ἰσραηλινοὶ καταδρομεῖς ἐπετέθησαν κατὰ αἰγυπτιακῆς βάσεως εἰς τὴν περιοχὴν τῆς διώρυγος τοῦ Σουέζ καὶ κατέστρεψαν ἐγκαταστάσεις ραντάρ. Ὅλοι οἱ καταδρομεῖς ἐπέστρεψαν σῶοι εἰς τὰς βάσεις των.

ΜΕΤΑΦΟΡΑΙ ΕΙΣ ΤΟΝ ΣΤΡΑΤΟΝ

ΤΕΛ ΑΒΙΒ, 22, (Ἀσσ. Πρές). — Ἰσραηλινοὶ καταδρομεῖς ἐπετέθησαν κατὰ αἰγυπτιακῆς βάσεως εἰς τὴν περιοχὴν τῆς διώρυγος τοῦ Σουέζ καὶ κατέστρεψαν ἐγκαταστάσεις ραντάρ. Ὅλοι οἱ καταδρομεῖς ἐπέστρεψαν σῶοι εἰς τὰς βάσεις των.

ΤΕΛ ΑΒΙΒ, 22, (Ἀσσ. Πρές). — Ἰσραηλινοὶ καταδρομεῖς ἐπετέθησαν κατὰ αἰγυπτιακῆς βάσεως εἰς τὴν περιοχὴν τῆς διώρυγος τοῦ Σουέζ καὶ κατέστρεψαν ἐγκαταστάσεις ραντάρ. Ὅλοι οἱ καταδρομεῖς ἐπέστρεψαν σῶοι εἰς τὰς βάσεις των.

ΘΕΡΜΟΝ ΜΗΝΥΜΑ ΠΡΟΣ ΤΟΥΣ ΟΜΟΓΕΝΕΙΣ ΕΠ' ΕΥΚΑΙΡΙΑ ΤΩΝ ΜΕΓΑΛΩΝ ΕΟΡΤΩΝ ΑΠΗΥΘΥΝΕΝ Ο ΠΡΟΕΔΡΟΣ ΤΗΣ ΚΥΒΕΡΝΗΣΕΩΣ
ΤΟ ΠΕΡΟΥ ΚΡΑΤΙΚΟΠΟΙΕΙ ΤΑΣ ΒΙΟΜΗΧΑΝΙΑΣ ΤΩΝ ΜΕΤΑΛΛΕΥΜΑΤΩΝ

ΛΙΜΑ, 22, (Ἀσσ. Πρές). — Ἡ κυβέρνησις τοῦ Περοὺ ἀνεκοίνωσε τὴν κρατικοποίησιν τῶν βιομηχανιῶν ἐπεξεργασίας μεταλλευμάτων.

ΤΙ ΣΚΕΠΤΕΤΑΙ ΑΙΩΝΟΒΙΟΣ ΔΙΑ ΤΟΝ ΚΟΣΜΟΝ

ΧΑΜΠΣΑΪΡ, 22, (Ἀσσ. Πρές). — Αἰωνόβιος κάτοικος τῆς περιοχῆς ἐδήλωσεν ὅτι ὁ κόσμος ἔχει ἀλλάξει πολύ, ὄχι πάντοτε πρὸς τὸ καλύτερον.

Η ΤΣΑΚΥ ΑΝΔΗ ΕΙΣ ΤΟ ΛΟΝΔΙΝΟΝ
ΑΝΑΚΟΙΝΩΘΕΝ ΤΟΥ ΟΙΚΟΥ ΤΟΥ ΑΝΤΙΒΑΣΙΛΕΩΣ

ΑΘΗΝΑΙ, 22. — Ὁ Οἶκος τοῦ Ἀντιβασιλέως ἀνακοινοῖ ὅτι αἱ δεξιώσεις διὰ τὰς ἑορτὰς θὰ πραγματοποιηθοῦν κατὰ τὸ σύνηθες πρόγραμμα.

Γ. ΠΑΠΑΔΟΠΟΥΛΟΣ

ΑΘΗΝΑΙ, 22. — Ὁ Πρόεδρος τῆς Κυβερνήσεως ἀπηύθυνε πρὸς τοὺς ἀπανταχοῦ τῆς γῆς ὁμογενεῖς θερμὸν μήνυμα ἐπ' εὐκαιρίᾳ τῶν ἑορτῶν τῶν Χριστουγέννων καὶ τοῦ Νέου Ἔτους, τονίζων τὴν σημασίαν τῆς συνεχοῦς ἐπαφῆς των μὲ τὴν μητέρα Πατρίδα.

ΑΘΗΝΑΙ, 22. — Ὁ Πρόεδρος τῆς Κυβερνήσεως ἀπηύθυνε πρὸς τοὺς ἀπανταχοῦ τῆς γῆς ὁμογενεῖς θερμὸν μήνυμα ἐπ' εὐκαιρίᾳ τῶν ἑορτῶν τῶν Χριστουγέννων καὶ τοῦ Νέου Ἔτους, τονίζων τὴν σημασίαν τῆς συνεχοῦς ἐπαφῆς των μὲ τὴν μητέρα Πατρίδα.

ΑΘΗΝΑΙ, 22. — Ὁ Πρόεδρος τῆς Κυβερνήσεως ἀπηύθυνε πρὸς τοὺς ἀπανταχοῦ τῆς γῆς ὁμογενεῖς θερμὸν μήνυμα ἐπ' εὐκαιρίᾳ τῶν ἑορτῶν τῶν Χριστουγέννων καὶ τοῦ Νέου Ἔτους, τονίζων τὴν σημασίαν τῆς συνεχοῦς ἐπαφῆς των μὲ τὴν μητέρα Πατρίδα.

ΔΡΙΜΥ ΨΥΧΟΣ ΕΙΣ ΤΗΝ ΒΟΡΕΙΟΝ ΕΛΛΑΔΑ
ΚΑΙ ΝΕΑΙ ΧΙΟΝΟΠΤΩΣΕΙΣ ΕΙΣ ΤΗΝ ΠΙΕΡΙΑΝ

Θερμοκρασίαι: Ἡράκλειον 9—15, Θεσσαλονίκη 0—6, Κοζάνη -4—2. Εἰς τὴν Πιερίαν τὸ ὕψος τῆς χιόνος ἔφθασε τὰ 30 ἑκατοστά.

ΕΙΣ ΠΙΕΡΙΑΝ

Θερμοκρασίαι: Ἡράκλειον 9—15, Θεσσαλονίκη 0—6, Κοζάνη -4—2. Εἰς τὴν Πιερίαν τὸ ὕψος τῆς χιόνος ἔφθασε τὰ 30 ἑκατοστά.

ΕΙΣ ΤΟ ΠΗΛΙΟΝ

Θερμοκρασίαι: Ἡράκλειον 9—15, Θεσσαλονίκη 0—6, Κοζάνη -4—2. Εἰς τὴν Πιερίαν τὸ ὕψος τῆς χιόνος ἔφθασε τὰ 30 ἑκατοστά.

Κῦμα ἀπεργιῶν εἰς τὸ Πακιστὰν
εὐθὺς μετὰ τὴν ἄρσιν
τῶν ἀπαγορευτικῶν διατάξεων
ΕΙΣ ΔΙΑΔΗΛΩΤΗΣ ΕΦΟΝΕΥΘΗ ΚΑΤΑ ΤΑΣ ΣΥΓΚΡΟΥΣΕΙΣ ΜΕ ΤΗΝ ΑΣΤΥΝΟΜΙΑΝ.- ΑΝΑΜΕΝΟΝΤΑΙ ΚΑΙ ΝΕΑΙ ΤΑΡΑΧΑΙ

ΚΑΡΑΤΣΙ, 22, (Ἀσσ. Πρές). — Κῦμα ἀπεργιῶν ἐξερράγη εἰς τὸ Πακιστὰν ἀμέσως μετὰ τὴν ἄρσιν τῆς ἀπαγορεύσεως τῶν πολιτικῶν δραστηριοτήτων. Εἷς διαδηλωτὴς ἐφονεύθη κατὰ τὰς συγκρούσεις μὲ τὴν ἀστυνομίαν.

ΚΑΡΑΤΣΙ, 22, (Ἀσσ. Πρές). — Κῦμα ἀπεργιῶν ἐξερράγη εἰς τὸ Πακιστὰν ἀμέσως μετὰ τὴν ἄρσιν τῆς ἀπαγορεύσεως τῶν πολιτικῶν δραστηριοτήτων. Εἷς διαδηλωτὴς ἐφονεύθη κατὰ τὰς συγκρούσεις μὲ τὴν ἀστυνομίαν.

ΚΑΡΑΤΣΙ, 22, (Ἀσσ. Πρές). — Κῦμα ἀπεργιῶν ἐξερράγη εἰς τὸ Πακιστὰν ἀμέσως μετὰ τὴν ἄρσιν τῆς ἀπαγορεύσεως τῶν πολιτικῶν δραστηριοτήτων. Εἷς διαδηλωτὴς ἐφονεύθη κατὰ τὰς συγκρούσεις μὲ τὴν ἀστυνομίαν.
